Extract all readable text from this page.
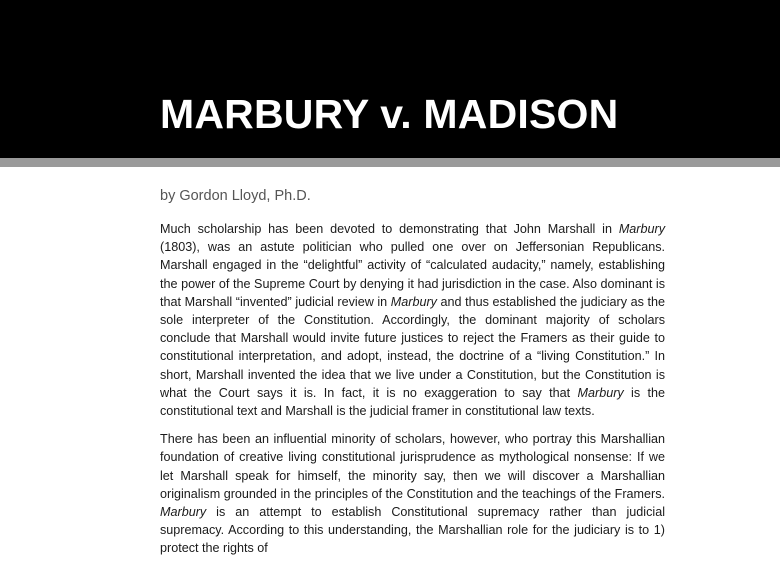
MARBURY v. MADISON

by Gordon Lloyd, Ph.D.

Much scholarship has been devoted to demonstrating that John Marshall in Marbury (1803), was an astute politician who pulled one over on Jeffersonian Republicans. Marshall engaged in the “delightful” activity of “calculated audacity,” namely, establishing the power of the Supreme Court by denying it had jurisdiction in the case. Also dominant is that Marshall “invented” judicial review in Marbury and thus established the judiciary as the sole interpreter of the Constitution. Accordingly, the dominant majority of scholars conclude that Marshall would invite future justices to reject the Framers as their guide to constitutional interpretation, and adopt, instead, the doctrine of a “living Constitution.” In short, Marshall invented the idea that we live under a Constitution, but the Constitution is what the Court says it is. In fact, it is no exaggeration to say that Marbury is the constitutional text and Marshall is the judicial framer in constitutional law texts.

There has been an influential minority of scholars, however, who portray this Marshallian foundation of creative living constitutional jurisprudence as mythological nonsense: If we let Marshall speak for himself, the minority say, then we will discover a Marshallian originalism grounded in the principles of the Constitution and the teachings of the Framers. Marbury is an attempt to establish Constitutional supremacy rather than judicial supremacy. According to this understanding, the Marshallian role for the judiciary is to 1) protect the rights of
